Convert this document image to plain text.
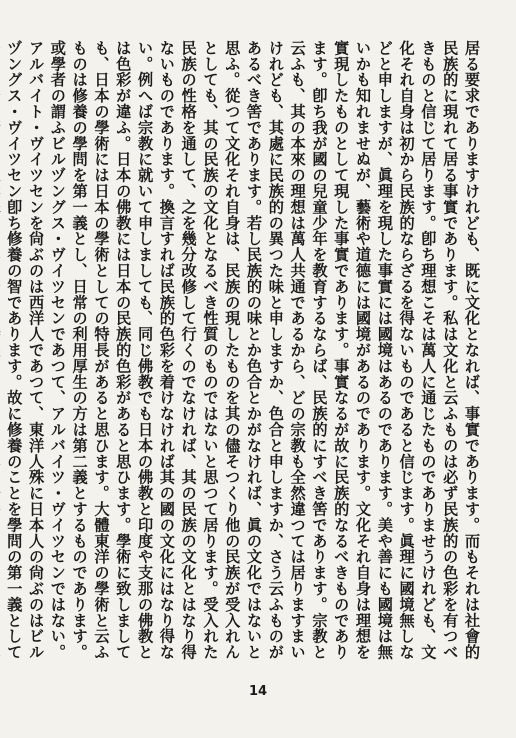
居る要求でありますけれども、既に文化となれば、事實であります。而もそれは社會的民族的に現れて居る事實であります。私は文化と云ふものは必ず民族的の色彩を有つべきものと信じて居ります。卽ち理想こそは萬人に通じたものでありませうけれども、文化それ自身は初から民族的ならざるを得ないものであると信じます。眞理に國境無しなどと申しますが、眞理を現した事實には國境はあるのであります。美や善にも國境は無いかも知れませぬが、藝術や道德には國境があるのであります。文化それ自身は理想を實現したものとして現した事實であります。事實なるが故に民族的なるべきものであります。卽ち我が國の兒童少年を教育するならば、民族的にすべき筈であります。宗教と云ふも、其の本來の理想は萬人共通であるから、どの宗教も全然違つては居りますまいけれども、其處に民族的の異つた味と申しますか、色合と申しますか、さう云ふものがあるべき筈であります。若し民族的の味とか色合とかがなければ、眞の文化ではないと思ふ。從つて文化それ自身は、民族の現したものを其の儘そつくり他の民族が受入れんとしても、其の民族の文化となるべき性質のものではないと思つて居ります。受入れた民族の性格を通して、之を幾分改修して行くのでなければ、其の民族の文化とはなり得ないものであります。換言すれば民族的色彩を着けなければ其の國の文化にはなり得ない。例へば宗教に就いて申しましても、同じ佛教でも日本の佛教と印度や支那の佛教とは色彩が違ふ。日本の佛教には日本の民族的色彩があると思ひます。學術に致しましても、日本の學術には日本の學術としての特長があると思ひます。大體東洋の學術と云ふものは修養の學問を第一義とし、日常の利用厚生の方は第二義とするものであります。或學者の謂ふビルヅングス・ヴイツセンであつて、アルバイツ・ヴイツセンではない。アルバイト・ヴイツセンを尙ぶのは西洋人であつて、東洋人殊に日本人の尙ぶのはビルヅングス・ヴイツセン卽ち修養の智であります。故に修養のことを學問の第一義として

14
